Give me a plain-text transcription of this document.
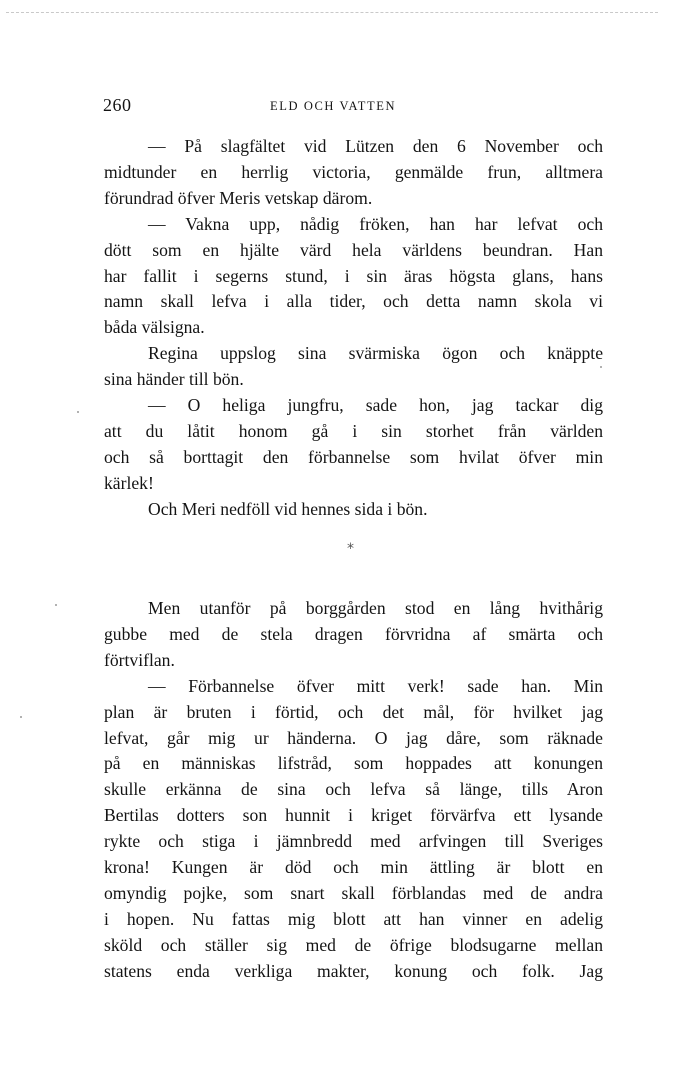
260	ELD OCH VATTEN

— På slagfältet vid Lützen den 6 November och
midtunder en herrlig victoria, genmälde frun, alltmera
förundrad öfver Meris vetskap därom.

— Vakna upp, nådig fröken, han har lefvat och
dött som en hjälte värd hela världens beundran. Han
har fallit i segerns stund, i sin äras högsta glans, hans
namn skall lefva i alla tider, och detta namn skola vi
båda välsigna.

Regina uppslog sina svärmiska ögon och knäppte
sina händer till bön.

— O heliga jungfru, sade hon, jag tackar dig
att du låtit honom gå i sin storhet från världen
och så borttagit den förbannelse som hvilat öfver min
kärlek!

Och Meri nedföll vid hennes sida i bön.

*

Men utanför på borggården stod en lång hvithårig
gubbe med de stela dragen förvridna af smärta och
förtviflan.

— Förbannelse öfver mitt verk! sade han. Min
plan är bruten i förtid, och det mål, för hvilket jag
lefvat, går mig ur händerna. O jag dåre, som räknade
på en människas lifstråd, som hoppades att konungen
skulle erkänna de sina och lefva så länge, tills Aron
Bertilas dotters son hunnit i kriget förvärfva ett lysande
rykte och stiga i jämnbredd med arfvingen till Sveriges
krona! Kungen är död och min ättling är blott en
omyndig pojke, som snart skall förblandas med de andra
i hopen. Nu fattas mig blott att han vinner en adelig
sköld och ställer sig med de öfrige blodsugarne mellan
statens enda verkliga makter, konung och folk. Jag
